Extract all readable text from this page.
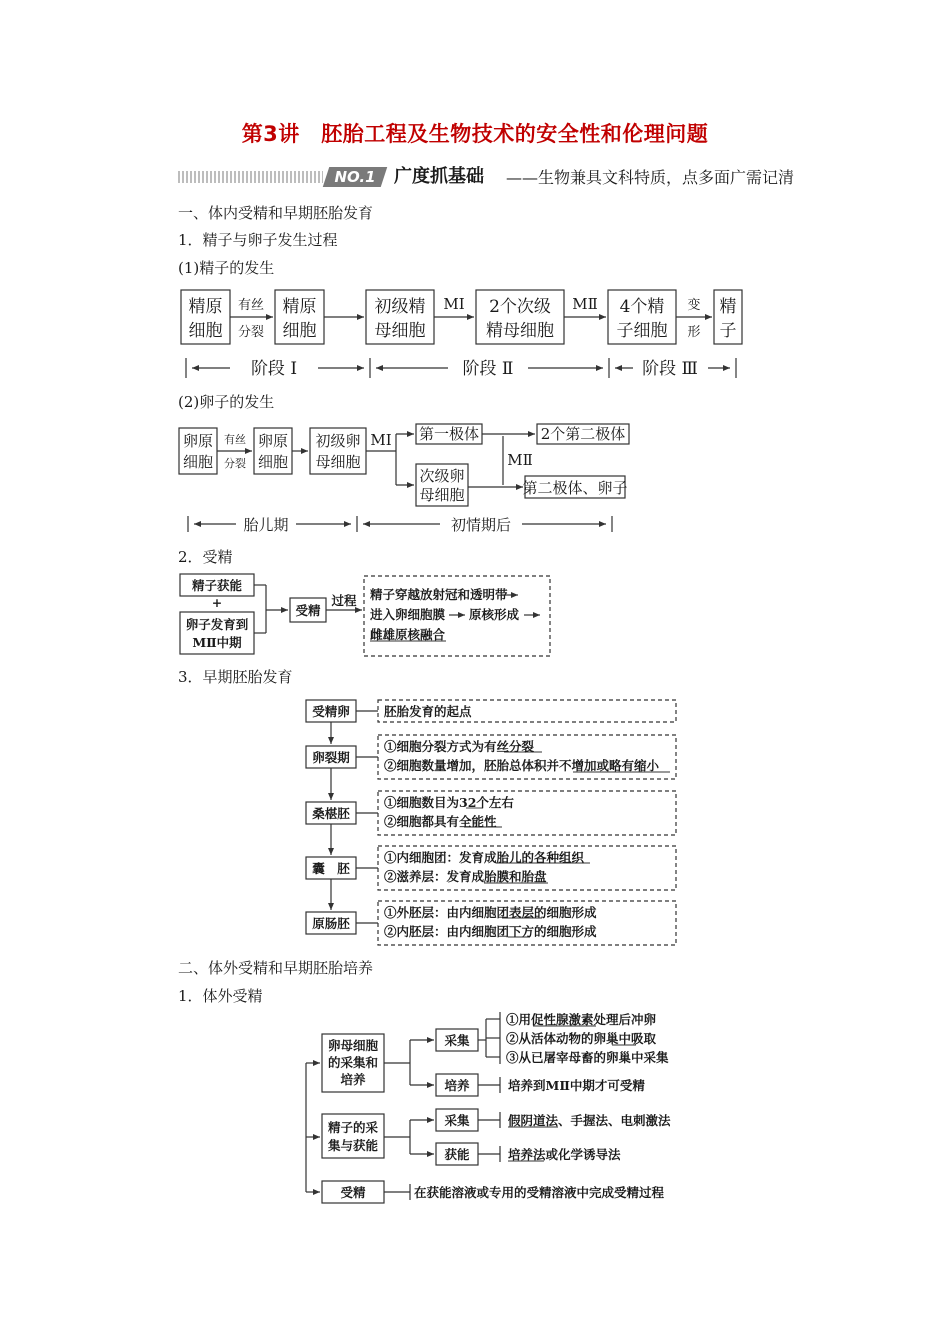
第3讲　胚胎工程及生物技术的安全性和伦理问题
NO.1	广度抓基础 ——生物兼具文科特质，点多面广需记清
一、体内受精和早期胚胎发育
1．精子与卵子发生过程
(1)精子的发生
(2)卵子的发生
2．受精
3．早期胚胎发育
二、体外受精和早期胚胎培养
1．体外受精
精原
细胞
精原
细胞
初级精
母细胞
2个次级
精母细胞
4个精
子细胞
精
子
有丝
分裂
MⅠ	MⅡ	变
形
阶段 Ⅰ	阶段 Ⅱ	阶段 Ⅲ
卵原
细胞
卵原
细胞
初级卵
母细胞
第一极体	2个第二极体
次级卵
母细胞	第二极体、卵子
MⅠ
MⅡ
有丝
分裂
胎儿期	初情期后
精子获能
+
卵子发育到
MⅡ中期
受精
过程 精子穿越放射冠和透明带
进入卵细胞膜 原核形成
雌雄原核融合
受精卵
卵裂期
桑椹胚
囊　胚
原肠胚
胚胎发育的起点
①细胞分裂方式为有丝分裂
②细胞数量增加，胚胎总体积并不增加或略有缩小
①细胞数目为32个左右
②细胞都具有全能性
①内细胞团：发育成胎儿的各种组织
②滋养层：发育成胎膜和胎盘
①外胚层：由内细胞团表层的细胞形成
②内胚层：由内细胞团下方的细胞形成
卵母细胞
的采集和
培养
精子的采
集与获能
受精
采集
培养
采集
获能
①用促性腺激素处理后冲卵
②从活体动物的卵巢中吸取
③从已屠宰母畜的卵巢中采集
培养到MⅡ中期才可受精
假阴道法、手握法、电刺激法
培养法或化学诱导法
在获能溶液或专用的受精溶液中完成受精过程
